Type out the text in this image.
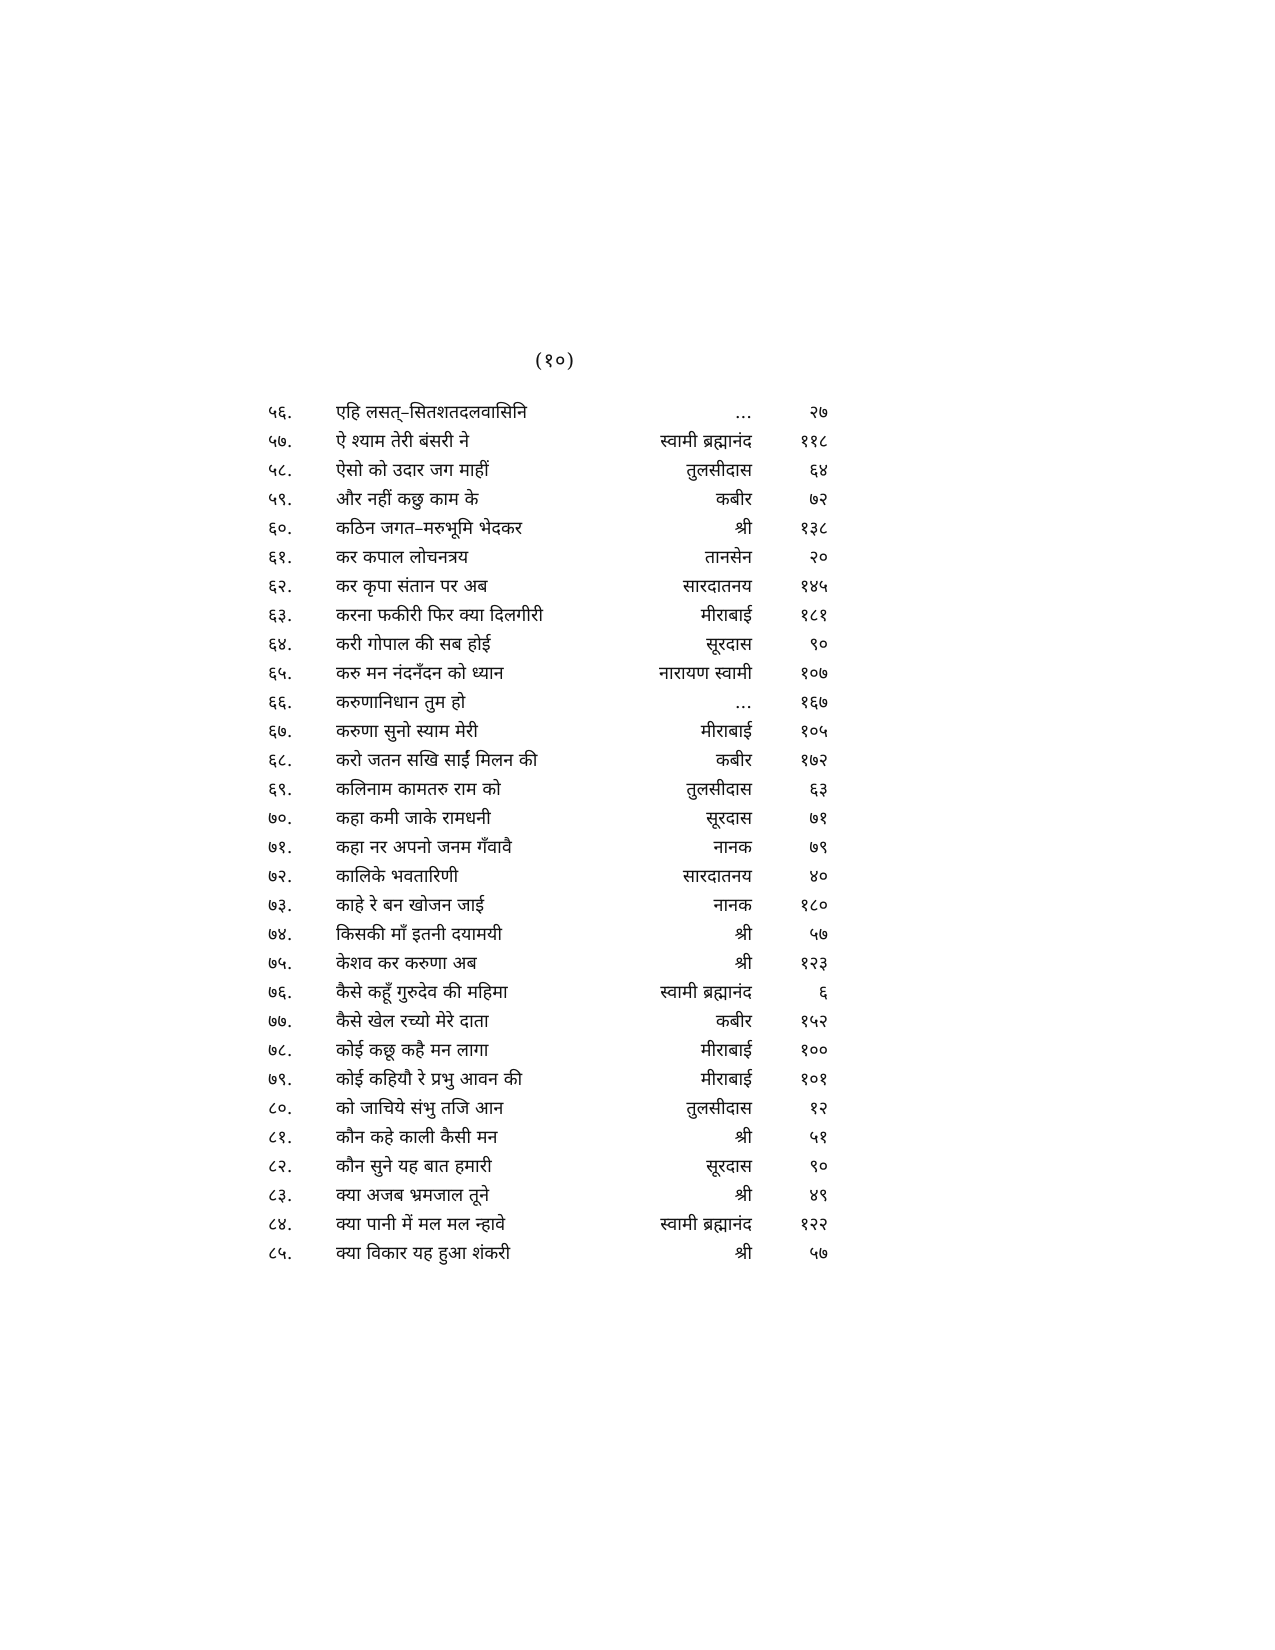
(१०)
५६.	एहि लसत्–सितशतदलवासिनि	...	२७
५७.	ऐ श्याम तेरी बंसरी ने	स्वामी ब्रह्मानंद	११८
५८.	ऐसो को उदार जग माहीं	तुलसीदास	६४
५९.	और नहीं कछु काम के	कबीर	७२
६०.	कठिन जगत–मरुभूमि भेदकर	श्री	१३८
६१.	कर कपाल लोचनत्रय	तानसेन	२०
६२.	कर कृपा संतान पर अब	सारदातनय	१४५
६३.	करना फकीरी फिर क्या दिलगीरी	मीराबाई	१८१
६४.	करी गोपाल की सब होई	सूरदास	९०
६५.	करु मन नंदनँदन को ध्यान	नारायण स्वामी	१०७
६६.	करुणानिधान तुम हो	...	१६७
६७.	करुणा सुनो स्याम मेरी	मीराबाई	१०५
६८.	करो जतन सखि साईं मिलन की	कबीर	१७२
६९.	कलिनाम कामतरु राम को	तुलसीदास	६३
७०.	कहा कमी जाके रामधनी	सूरदास	७१
७१.	कहा नर अपनो जनम गँवावै	नानक	७९
७२.	कालिके भवतारिणी	सारदातनय	४०
७३.	काहे रे बन खोजन जाई	नानक	१८०
७४.	किसकी माँ इतनी दयामयी	श्री	५७
७५.	केशव कर करुणा अब	श्री	१२३
७६.	कैसे कहूँ गुरुदेव की महिमा	स्वामी ब्रह्मानंद	६
७७.	कैसे खेल रच्यो मेरे दाता	कबीर	१५२
७८.	कोई कछू कहै मन लागा	मीराबाई	१००
७९.	कोई कहियौ रे प्रभु आवन की	मीराबाई	१०१
८०.	को जाचिये संभु तजि आन	तुलसीदास	१२
८१.	कौन कहे काली कैसी मन	श्री	५१
८२.	कौन सुने यह बात हमारी	सूरदास	९०
८३.	क्या अजब भ्रमजाल तूने	श्री	४९
८४.	क्या पानी में मल मल न्हावे	स्वामी ब्रह्मानंद	१२२
८५.	क्या विकार यह हुआ शंकरी	श्री	५७
